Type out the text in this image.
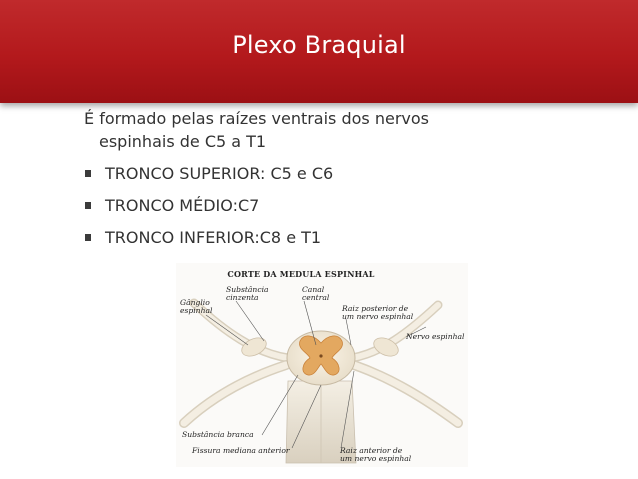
Plexo Braquial

É formado pelas raízes ventrais dos nervos
espinhais de C5 a T1

TRONCO SUPERIOR: C5 e C6
TRONCO MÉDIO:C7
TRONCO INFERIOR:C8 e T1
CORTE DA MEDULA ESPINHAL
Substância
cinzenta
Canal
central
Gânglio
espinhal	Raiz posterior de
um nervo espinhal
Nervo espinhal
Substância branca
Fissura mediana anterior	Raiz anterior de
um nervo espinhal
